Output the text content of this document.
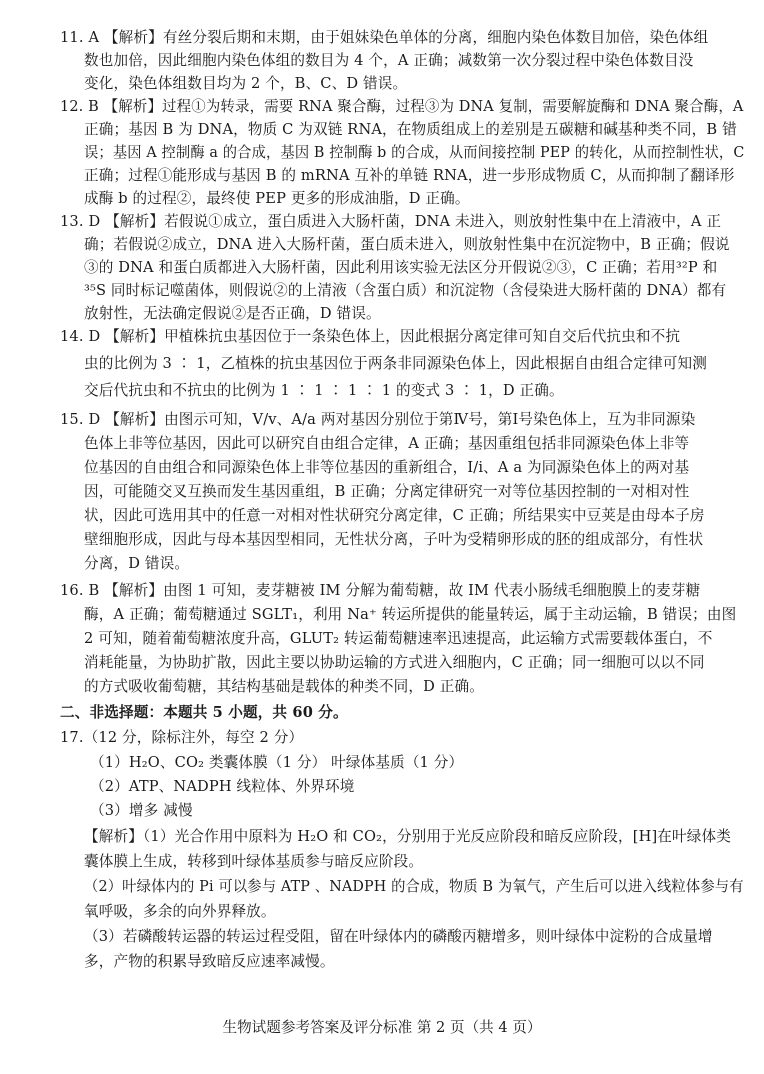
11. A 【解析】有丝分裂后期和末期，由于姐妹染色单体的分离，细胞内染色体数目加倍，染色体组
数也加倍，因此细胞内染色体组的数目为 4 个，A 正确；减数第一次分裂过程中染色体数目没
变化，染色体组数目均为 2 个，B、C、D 错误。
12. B 【解析】过程①为转录，需要 RNA 聚合酶，过程③为 DNA 复制，需要解旋酶和 DNA 聚合酶，A
正确；基因 B 为 DNA，物质 C 为双链 RNA，在物质组成上的差别是五碳糖和碱基种类不同，B 错
误；基因 A 控制酶 a 的合成，基因 B 控制酶 b 的合成，从而间接控制 PEP 的转化，从而控制性状，C
正确；过程①能形成与基因 B 的 mRNA 互补的单链 RNA，进一步形成物质 C，从而抑制了翻译形
成酶 b 的过程②，最终使 PEP 更多的形成油脂，D 正确。
13. D 【解析】若假说①成立，蛋白质进入大肠杆菌，DNA 未进入，则放射性集中在上清液中，A 正
确；若假说②成立，DNA 进入大肠杆菌，蛋白质未进入，则放射性集中在沉淀物中，B 正确；假说
③的 DNA 和蛋白质都进入大肠杆菌，因此利用该实验无法区分开假说②③，C 正确；若用³²P 和
³⁵S 同时标记噬菌体，则假说②的上清液（含蛋白质）和沉淀物（含侵染进大肠杆菌的 DNA）都有
放射性，无法确定假说②是否正确，D 错误。
14. D 【解析】甲植株抗虫基因位于一条染色体上，因此根据分离定律可知自交后代抗虫和不抗
虫的比例为 3 ∶ 1，乙植株的抗虫基因位于两条非同源染色体上，因此根据自由组合定律可知测
交后代抗虫和不抗虫的比例为 1 ∶ 1 ∶ 1 ∶ 1 的变式 3 ∶ 1，D 正确。
15. D 【解析】由图示可知，V/v、A/a 两对基因分别位于第Ⅳ号，第Ⅰ号染色体上，互为非同源染
色体上非等位基因，因此可以研究自由组合定律，A 正确；基因重组包括非同源染色体上非等
位基因的自由组合和同源染色体上非等位基因的重新组合，I/i、A a 为同源染色体上的两对基
因，可能随交叉互换而发生基因重组，B 正确；分离定律研究一对等位基因控制的一对相对性
状，因此可选用其中的任意一对相对性状研究分离定律，C 正确；所结果实中豆荚是由母本子房
壁细胞形成，因此与母本基因型相同，无性状分离，子叶为受精卵形成的胚的组成部分，有性状
分离，D 错误。
16. B 【解析】由图 1 可知，麦芽糖被 IM 分解为葡萄糖，故 IM 代表小肠绒毛细胞膜上的麦芽糖
酶，A 正确；葡萄糖通过 SGLT₁，利用 Na⁺ 转运所提供的能量转运，属于主动运输，B 错误；由图
2 可知，随着葡萄糖浓度升高，GLUT₂ 转运葡萄糖速率迅速提高，此运输方式需要载体蛋白，不
消耗能量，为协助扩散，因此主要以协助运输的方式进入细胞内，C 正确；同一细胞可以以不同
的方式吸收葡萄糖，其结构基础是载体的种类不同，D 正确。
二、非选择题：本题共 5 小题，共 60 分。
17.（12 分，除标注外，每空 2 分）
（1）H₂O、CO₂ 类囊体膜（1 分） 叶绿体基质（1 分）
（2）ATP、NADPH 线粒体、外界环境
（3）增多 减慢
【解析】（1）光合作用中原料为 H₂O 和 CO₂，分别用于光反应阶段和暗反应阶段，[H]在叶绿体类
囊体膜上生成，转移到叶绿体基质参与暗反应阶段。
（2）叶绿体内的 Pi 可以参与 ATP 、NADPH 的合成，物质 B 为氧气，产生后可以进入线粒体参与有
氧呼吸，多余的向外界释放。
（3）若磷酸转运器的转运过程受阻，留在叶绿体内的磷酸丙糖增多，则叶绿体中淀粉的合成量增
多，产物的积累导致暗反应速率减慢。
生物试题参考答案及评分标准 第 2 页（共 4 页）
